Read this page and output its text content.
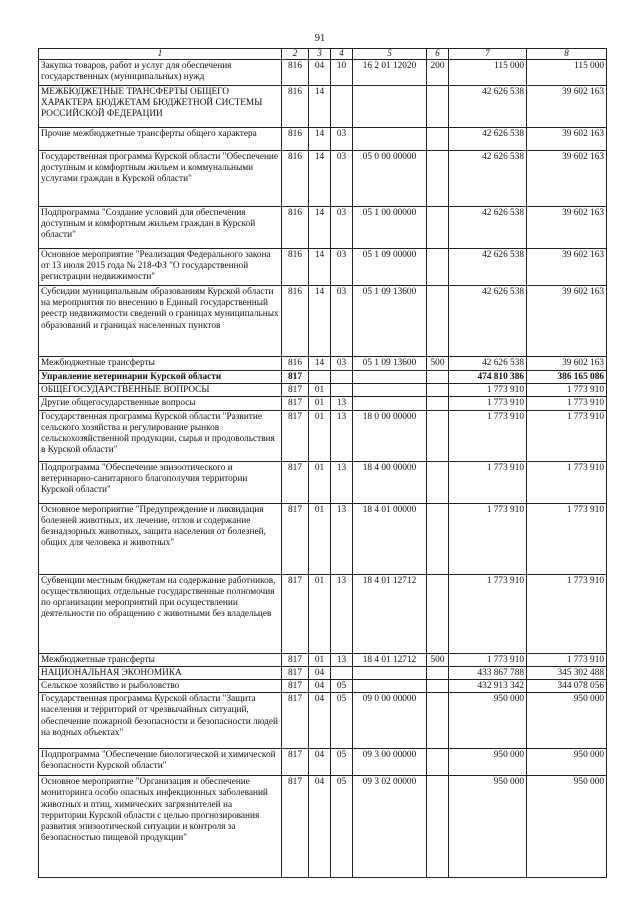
91
1	2	3	4	5	6	7	8
Закупка товаров, работ и услуг для обеспечения государственных (муниципальных) нужд	816	04	10	16 2 01 12020	200	115 000	115 000
МЕЖБЮДЖЕТНЫЕ ТРАНСФЕРТЫ ОБЩЕГО ХАРАКТЕРА БЮДЖЕТАМ БЮДЖЕТНОЙ СИСТЕМЫ РОССИЙСКОЙ ФЕДЕРАЦИИ	816	14				42 626 538	39 602 163
Прочие межбюджетные трансферты общего характера	816	14	03			42 626 538	39 602 163
Государственная программа Курской области "Обеспечение доступным и комфортным жильем и коммунальными услугами граждан в Курской области"	816	14	03	05 0 00 00000		42 626 538	39 602 163
Подпрограмма "Создание условий для обеспечения доступным и комфортным жильем граждан в Курской области"	816	14	03	05 1 00 00000		42 626 538	39 602 163
Основное мероприятие "Реализация Федерального закона от 13 июля 2015 года № 218-ФЗ "О государственной регистрации недвижимости"	816	14	03	05 1 09 00000		42 626 538	39 602 163
Субсидии муниципальным образованиям Курской области на мероприятия по внесению в Единый государственный реестр недвижимости сведений о границах муниципальных образований и границах населенных пунктов	816	14	03	05 1 09 13600		42 626 538	39 602 163
Межбюджетные трансферты	816	14	03	05 1 09 13600	500	42 626 538	39 602 163
Управление ветеринарии Курской области	817					474 810 386	386 165 086
ОБЩЕГОСУДАРСТВЕННЫЕ ВОПРОСЫ	817	01				1 773 910	1 773 910
Другие общегосударственные вопросы	817	01	13			1 773 910	1 773 910
Государственная программа Курской области "Развитие сельского хозяйства и регулирование рынков сельскохозяйственной продукции, сырья и продовольствия в Курской области"	817	01	13	18 0 00 00000		1 773 910	1 773 910
Подпрограмма "Обеспечение эпизоотического и ветеринарно-санитарного благополучия территории Курской области"	817	01	13	18 4 00 00000		1 773 910	1 773 910
Основное мероприятие "Предупреждение и ликвидация болезней животных, их лечение, отлов и содержание безнадзорных животных, защита населения от болезней, общих для человека и животных"	817	01	13	18 4 01 00000		1 773 910	1 773 910
Субвенции местным бюджетам на содержание работников, осуществляющих отдельные государственные полномочия по организации мероприятий при осуществлении деятельности по обращению с животными без владельцев	817	01	13	18 4 01 12712		1 773 910	1 773 910
Межбюджетные трансферты	817	01	13	18 4 01 12712	500	1 773 910	1 773 910
НАЦИОНАЛЬНАЯ ЭКОНОМИКА	817	04				433 867 788	345 302 488
Сельское хозяйство и рыболовство	817	04	05			432 913 342	344 078 056
Государственная программа Курской области "Защита населения и территорий от чрезвычайных ситуаций, обеспечение пожарной безопасности и безопасности людей на водных объектах"	817	04	05	09 0 00 00000		950 000	950 000
Подпрограмма "Обеспечение биологической и химической безопасности Курской области"	817	04	05	09 3 00 00000		950 000	950 000
Основное мероприятие "Организация и обеспечение мониторинга особо опасных инфекционных заболеваний животных и птиц, химических загрязнителей на территории Курской области с целью прогнозирования развития эпизоотической ситуации и контроля за безопасностью пищевой продукции"	817	04	05	09 3 02 00000		950 000	950 000
